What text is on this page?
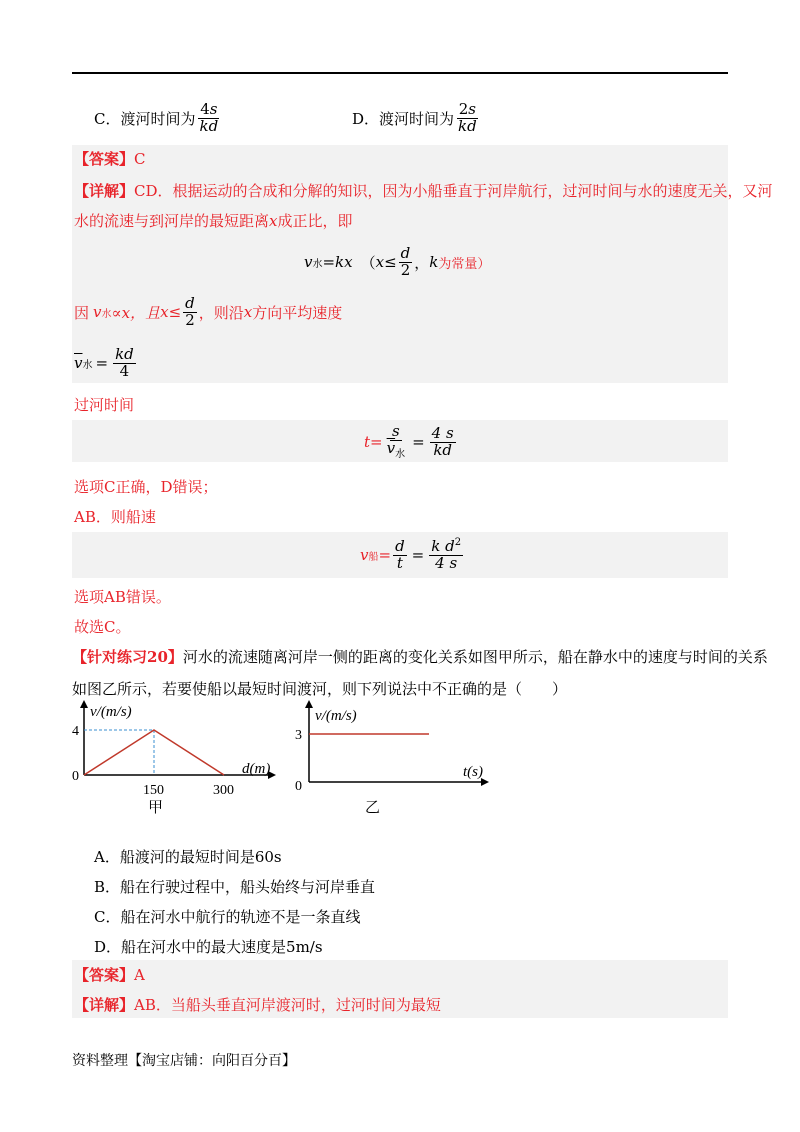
C．渡河时间为 $\frac{4s}{kd}$	D．渡河时间为 $\frac{2s}{kd}$
【答案】C
【详解】CD．根据运动的合成和分解的知识，因为小船垂直于河岸航行，过河时间与水的速度无关，又河
水的流速与到河岸的最短距离x成正比，即
v 水 =kx （ $x \le \frac{d}{2}$ ， k 为常量）
因 v 水 ∝x，且 $x \le \frac{d}{2}$ ，则沿 x 方向平均速度
$\overline{v}$ 水 = $\frac{kd}{4}$
过河时间
$t = \frac{s}{\overline{v}_水} = \frac{4 s}{kd}$
选项C正确，D错误；
AB．则船速
v 船 = $\frac{d}{t} = \frac{k d^2}{4 s}$
选项AB错误。
故选C。
【针对练习20】河水的流速随离河岸一侧的距离的变化关系如图甲所示，船在静水中的速度与时间的关系
如图乙所示，若要使船以最短时间渡河，则下列说法中不正确的是（　　）
v/(m/s)
d(m)
0
4
150	300
甲
v/(m/s)
t(s)
0
3
乙
A．船渡河的最短时间是60s
B．船在行驶过程中，船头始终与河岸垂直
C．船在河水中航行的轨迹不是一条直线
D．船在河水中的最大速度是5m/s
【答案】A
【详解】AB．当船头垂直河岸渡河时，过河时间为最短
资料整理【淘宝店铺：向阳百分百】
